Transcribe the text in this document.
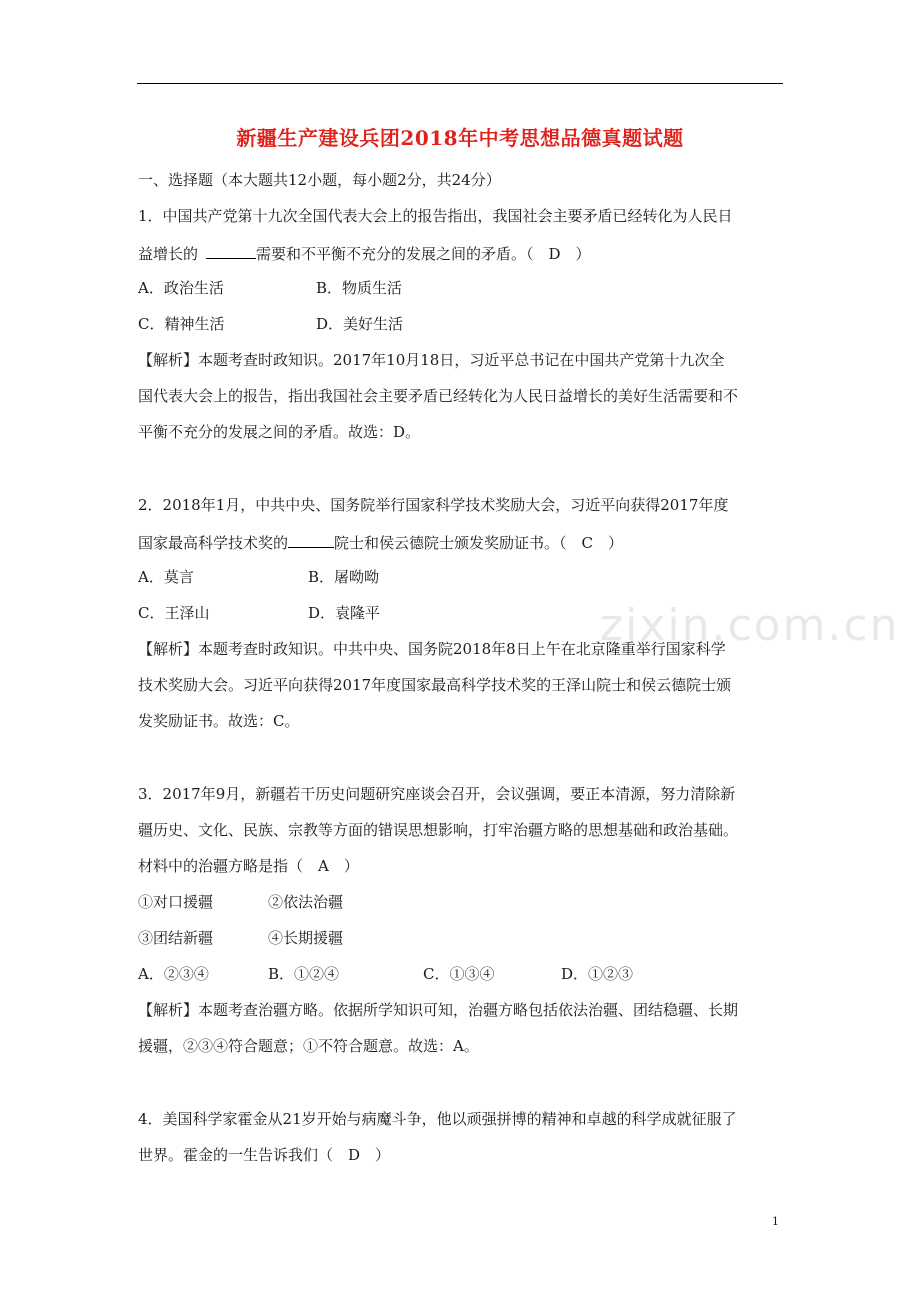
新疆生产建设兵团2018年中考思想品德真题试题
一、选择题（本大题共12小题，每小题2分，共24分）
1．中国共产党第十九次全国代表大会上的报告指出，我国社会主要矛盾已经转化为人民日
益增长的	需要和不平衡不充分的发展之间的矛盾。（　D　）
A．政治生活	B．物质生活
C．精神生活	D．美好生活
【解析】本题考查时政知识。2017年10月18日，习近平总书记在中国共产党第十九次全
国代表大会上的报告，指出我国社会主要矛盾已经转化为人民日益增长的美好生活需要和不
平衡不充分的发展之间的矛盾。故选：D。
2．2018年1月，中共中央、国务院举行国家科学技术奖励大会，习近平向获得2017年度
国家最高科学技术奖的	院士和侯云德院士颁发奖励证书。（　C　）
A．莫言	B．屠呦呦
C．王泽山	D．袁隆平
【解析】本题考查时政知识。中共中央、国务院2018年8日上午在北京隆重举行国家科学
技术奖励大会。习近平向获得2017年度国家最高科学技术奖的王泽山院士和侯云德院士颁
发奖励证书。故选：C。
3．2017年9月，新疆若干历史问题研究座谈会召开，会议强调，要正本清源，努力清除新
疆历史、文化、民族、宗教等方面的错误思想影响，打牢治疆方略的思想基础和政治基础。
材料中的治疆方略是指（　A　）
①对口援疆	②依法治疆
③团结新疆	④长期援疆
A．②③④	B．①②④	C．①③④	D．①②③
【解析】本题考查治疆方略。依据所学知识可知，治疆方略包括依法治疆、团结稳疆、长期
援疆，②③④符合题意；①不符合题意。故选：A。
4．美国科学家霍金从21岁开始与病魔斗争，他以顽强拼博的精神和卓越的科学成就征服了
世界。霍金的一生告诉我们（　D　）
zixin.com.cn
1
